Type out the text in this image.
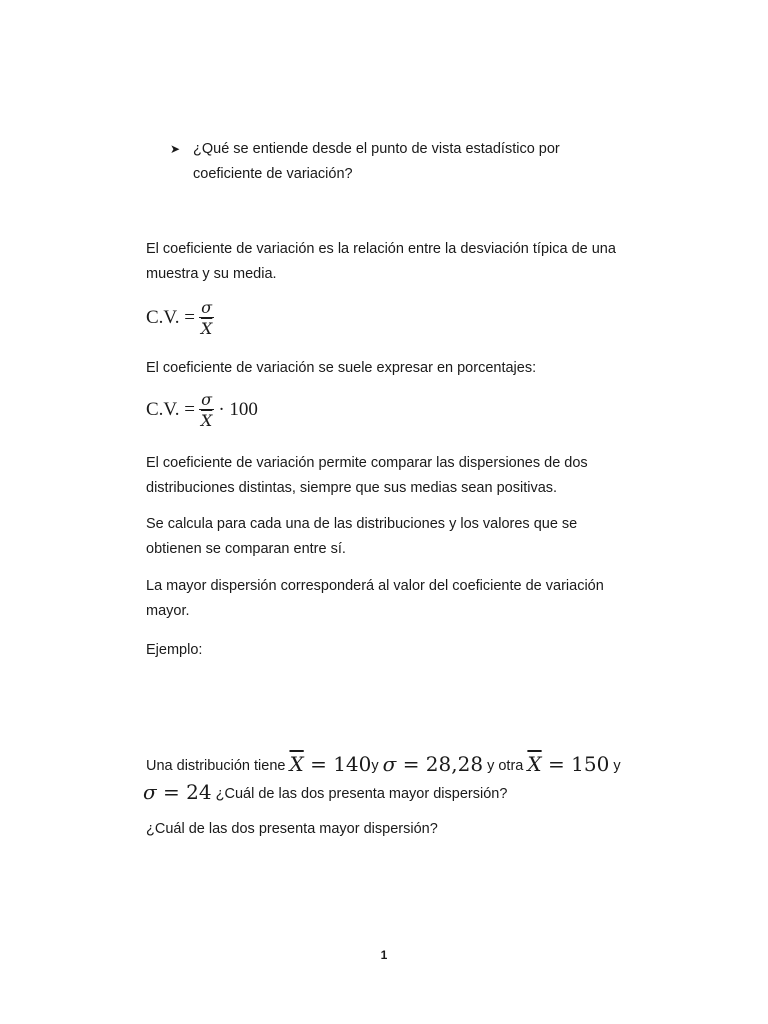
➤ ¿Qué se entiende desde el punto de vista estadístico por
coeficiente de variación?
El coeficiente de variación es la relación entre la desviación típica de una
muestra y su media.
C.V. = $\frac{\sigma}{X}$
El coeficiente de variación se suele expresar en porcentajes:
C.V. = $\frac{\sigma}{X} \cdot 100$
El coeficiente de variación permite comparar las dispersiones de dos
distribuciones distintas, siempre que sus medias sean positivas.
Se calcula para cada una de las distribuciones y los valores que se
obtienen se comparan entre sí.
La mayor dispersión corresponderá al valor del coeficiente de variación
mayor.
Ejemplo:
Una distribución tiene $\overline{X} = 140y$ σ = 28,28 y otra $\overline{X} = 150$ y
σ = 24 ¿Cuál de las dos presenta mayor dispersión?
¿Cuál de las dos presenta mayor dispersión?
1
